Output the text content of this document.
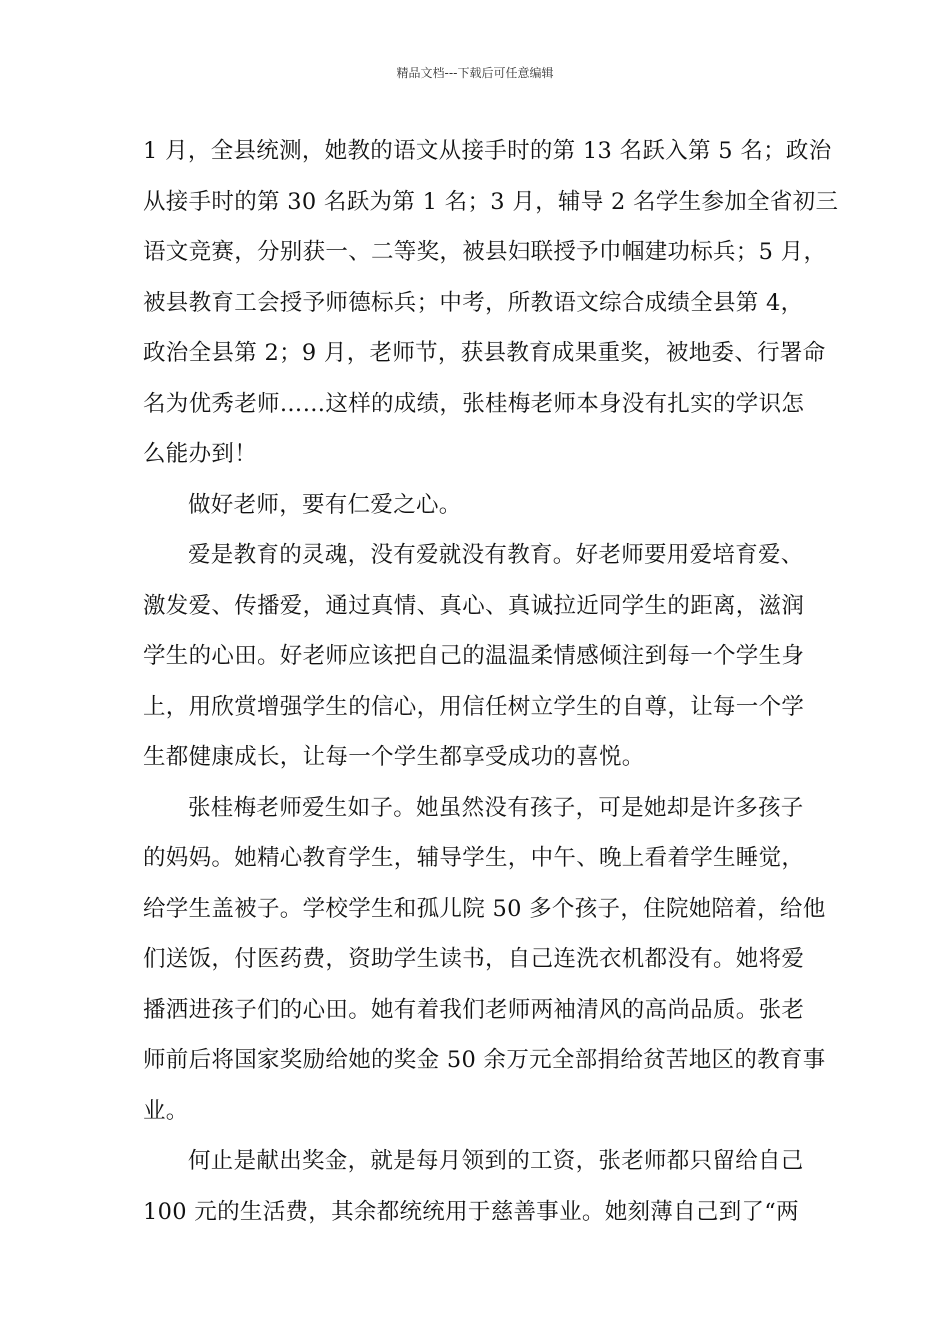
精品文档---下载后可任意编辑
1 月，全县统测，她教的语文从接手时的第 13 名跃入第 5 名；政治
从接手时的第 30 名跃为第 1 名；3 月，辅导 2 名学生参加全省初三
语文竞赛，分别获一、二等奖，被县妇联授予巾帼建功标兵；5 月，
被县教育工会授予师德标兵；中考，所教语文综合成绩全县第 4，
政治全县第 2；9 月，老师节，获县教育成果重奖，被地委、行署命
名为优秀老师……这样的成绩，张桂梅老师本身没有扎实的学识怎
么能办到！
做好老师，要有仁爱之心。
爱是教育的灵魂，没有爱就没有教育。好老师要用爱培育爱、
激发爱、传播爱，通过真情、真心、真诚拉近同学生的距离，滋润
学生的心田。好老师应该把自己的温温柔情感倾注到每一个学生身
上，用欣赏增强学生的信心，用信任树立学生的自尊，让每一个学
生都健康成长，让每一个学生都享受成功的喜悦。
张桂梅老师爱生如子。她虽然没有孩子，可是她却是许多孩子
的妈妈。她精心教育学生，辅导学生，中午、晚上看着学生睡觉，
给学生盖被子。学校学生和孤儿院 50 多个孩子，住院她陪着，给他
们送饭，付医药费，资助学生读书，自己连洗衣机都没有。她将爱
播洒进孩子们的心田。她有着我们老师两袖清风的高尚品质。张老
师前后将国家奖励给她的奖金 50 余万元全部捐给贫苦地区的教育事
业。
何止是献出奖金，就是每月领到的工资，张老师都只留给自己
100 元的生活费，其余都统统用于慈善事业。她刻薄自己到了“两
